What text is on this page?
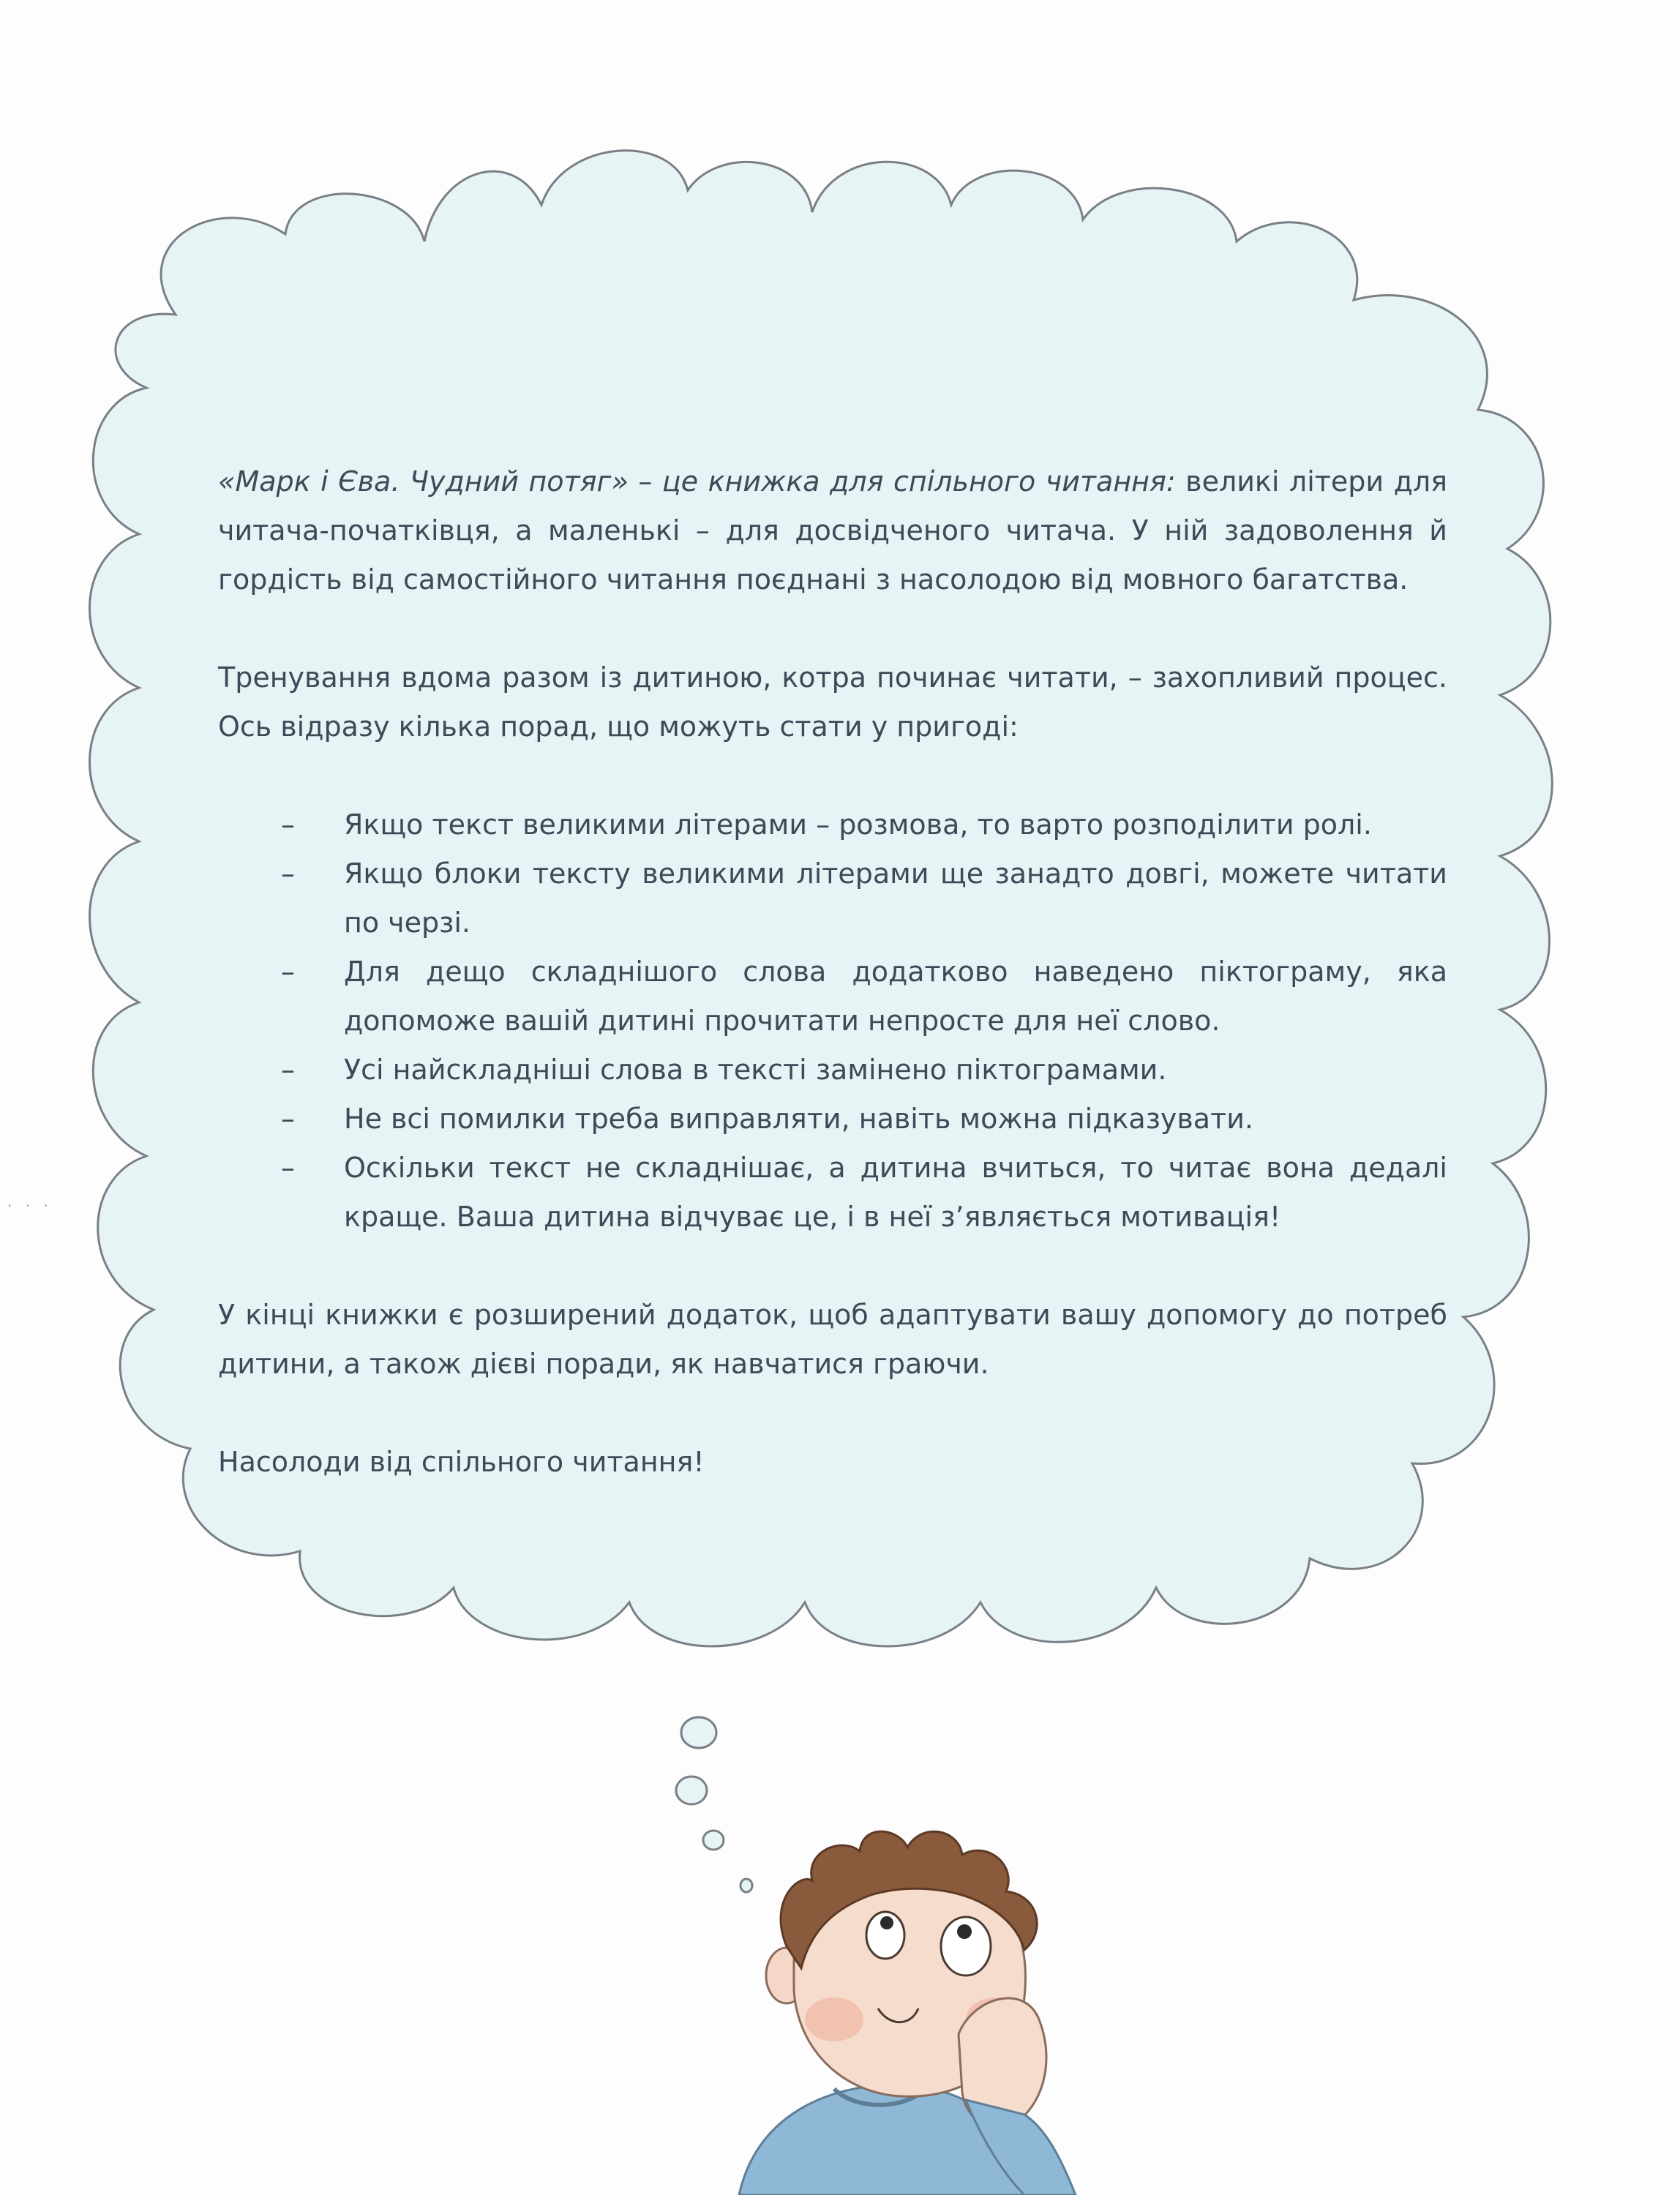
«Марк і Єва. Чудний потяг» – це книжка для спільного читання: великі літери для читача-початківця, а маленькі – для досвідченого читача. У ній задоволення й гордість від самостійного читання поєднані з насолодою від мовного багатства.

Тренування вдома разом із дитиною, котра починає читати, – захопливий процес. Ось відразу кілька порад, що можуть стати у пригоді:

– Якщо текст великими літерами – розмова, то варто розподілити ролі.
– Якщо блоки тексту великими літерами ще занадто довгі, можете читати по черзі.
– Для дещо складнішого слова додатково наведено піктограму, яка допоможе вашій дитині прочитати непросте для неї слово.
– Усі найскладніші слова в тексті замінено піктограмами.
– Не всі помилки треба виправляти, навіть можна підказувати.
– Оскільки текст не складнішає, а дитина вчиться, то читає вона дедалі краще. Ваша дитина відчуває це, і в неї з’являється мотивація!

У кінці книжки є розширений додаток, щоб адаптувати вашу допомогу до потреб дитини, а також дієві поради, як навчатися граючи.

Насолоди від спільного читання!

. . .
